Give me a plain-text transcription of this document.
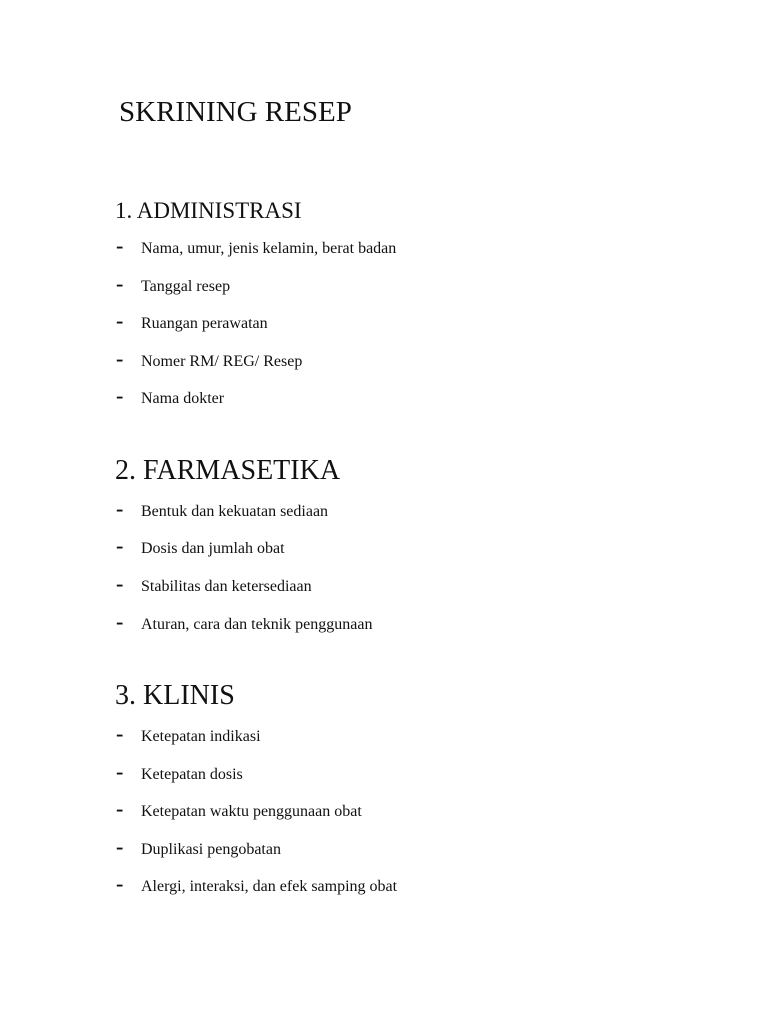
SKRINING RESEP
1. ADMINISTRASI
- Nama, umur, jenis kelamin, berat badan
- Tanggal resep
- Ruangan perawatan
- Nomer RM/ REG/ Resep
- Nama dokter
2. FARMASETIKA
- Bentuk dan kekuatan sediaan
- Dosis dan jumlah obat
- Stabilitas dan ketersediaan
- Aturan, cara dan teknik penggunaan
3. KLINIS
- Ketepatan indikasi
- Ketepatan dosis
- Ketepatan waktu penggunaan obat
- Duplikasi pengobatan
- Alergi, interaksi, dan efek samping obat
